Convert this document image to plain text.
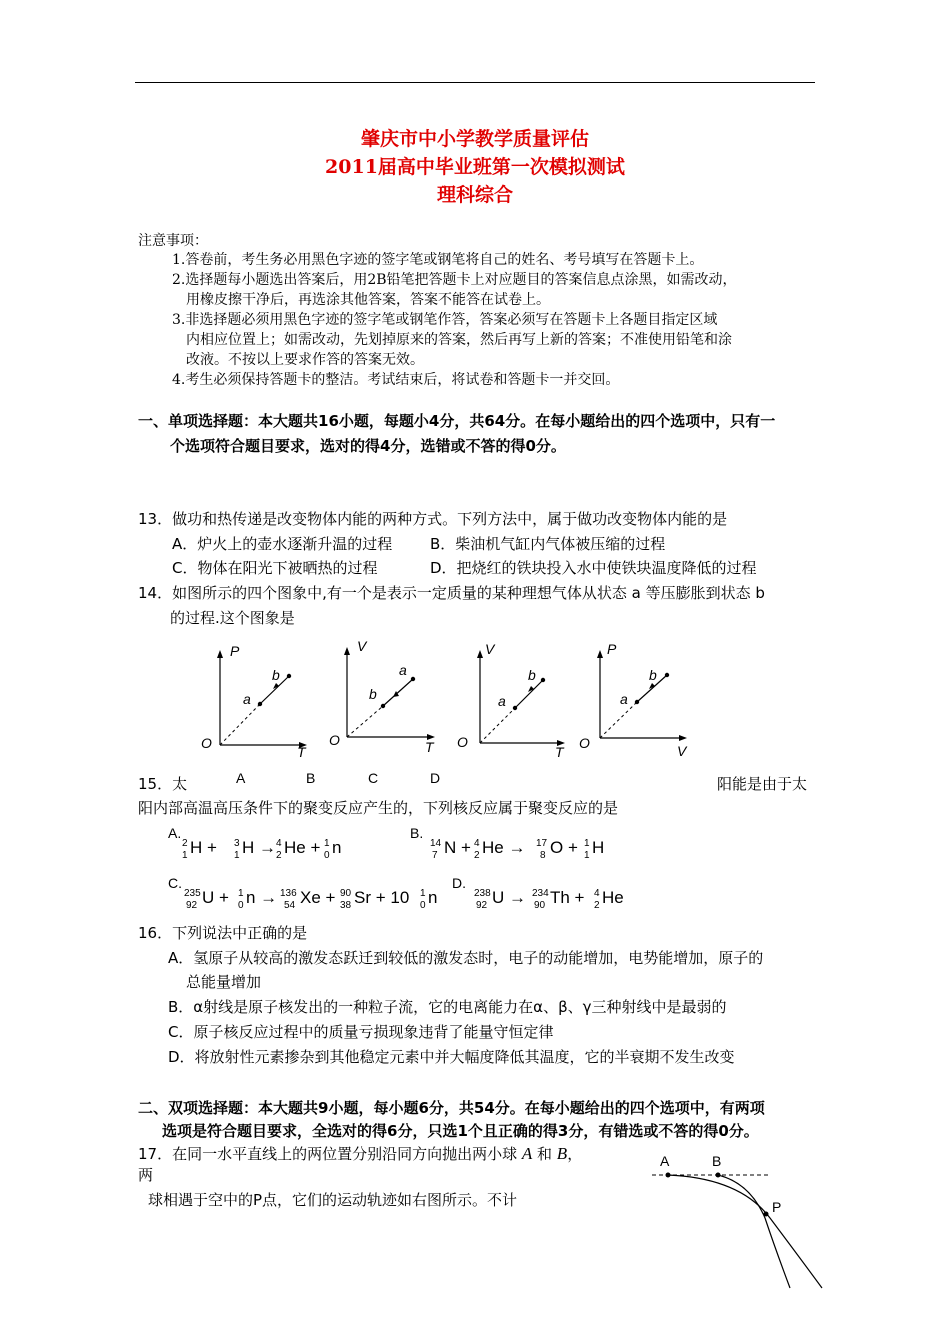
肇庆市中小学教学质量评估
2011届高中毕业班第一次模拟测试
理科综合
注意事项：
1.答卷前，考生务必用黑色字迹的签字笔或钢笔将自己的姓名、考号填写在答题卡上。
2.选择题每小题选出答案后，用2B铅笔把答题卡上对应题目的答案信息点涂黑，如需改动，
用橡皮擦干净后，再选涂其他答案，答案不能答在试卷上。
3.非选择题必须用黑色字迹的签字笔或钢笔作答，答案必须写在答题卡上各题目指定区域
内相应位置上；如需改动，先划掉原来的答案，然后再写上新的答案；不准使用铅笔和涂
改液。不按以上要求作答的答案无效。
4.考生必须保持答题卡的整洁。考试结束后，将试卷和答题卡一并交回。
一、单项选择题：本大题共16小题，每题小4分，共64分。在每小题给出的四个选项中，只有一
个选项符合题目要求，选对的得4分，选错或不答的得0分。
13．做功和热传递是改变物体内能的两种方式。下列方法中，属于做功改变物体内能的是
A．炉火上的壶水逐渐升温的过程	B．柴油机气缸内气体被压缩的过程
C．物体在阳光下被晒热的过程	D．把烧红的铁块投入水中使铁块温度降低的过程
14．如图所示的四个图象中,有一个是表示一定质量的某种理想气体从状态 a 等压膨胀到状态 b
的过程.这个图象是
P
T
O
a
b
V
T
O
b
a
V
T
O
a
b
P
V
O
a
b
15．太	A	B	C	D	阳能是由于太
阳内部高温高压条件下的聚变反应产生的，下列核反应属于聚变反应的是
A.
2
1 H + 3
1 H → 4
2 He + 1
0 n
B.
14
7 N + 4
2 He → 17
8 O + 1
1 H
C.
235
92 U + 1
0 n → 136
54 Xe + 90
38 Sr + 10 1
0 n
D.
238
92 U → 234
90 Th + 4
2 He
16．下列说法中正确的是
A．氢原子从较高的激发态跃迁到较低的激发态时，电子的动能增加，电势能增加，原子的
总能量增加
B．α射线是原子核发出的一种粒子流，它的电离能力在α、β、γ三种射线中是最弱的
C．原子核反应过程中的质量亏损现象违背了能量守恒定律
D．将放射性元素掺杂到其他稳定元素中并大幅度降低其温度，它的半衰期不发生改变
二、双项选择题：本大题共9小题，每小题6分，共54分。在每小题给出的四个选项中，有两项
选项是符合题目要求，全选对的得6分，只选1个且正确的得3分，有错选或不答的得0分。
17．在同一水平直线上的两位置分别沿同方向抛出两小球 A 和 B，
两
球相遇于空中的P点，它们的运动轨迹如右图所示。不计
A	B
P
